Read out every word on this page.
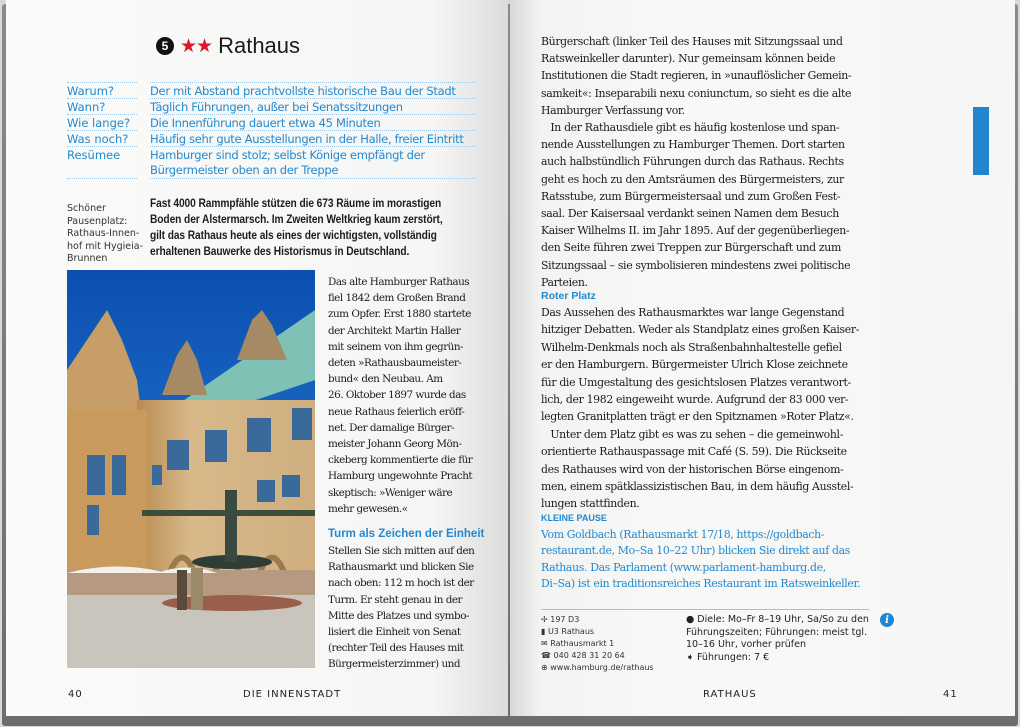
5 ★★ Rathaus
Warum?	Der mit Abstand prachtvollste historische Bau der Stadt
Wann?	Täglich Führungen, außer bei Senatssitzungen
Wie lange?	Die Innenführung dauert etwa 45 Minuten
Was noch?	Häufig sehr gute Ausstellungen in der Halle, freier Eintritt
Resümee	Hamburger sind stolz; selbst Könige empfängt der
Bürgermeister oben an der Treppe
Schöner
Pausenplatz:
Rathaus-Innen-
hof mit Hygieia-
Brunnen
Fast 4000 Rammpfähle stützen die 673 Räume im morastigen
Boden der Alstermarsch. Im Zweiten Weltkrieg kaum zerstört,
gilt das Rathaus heute als eines der wichtigsten, vollständig
erhaltenen Bauwerke des Historismus in Deutschland.
Das alte Hamburger Rathaus
fiel 1842 dem Großen Brand
zum Opfer. Erst 1880 startete
der Architekt Martin Haller
mit seinem von ihm gegrün-
deten »Rathausbaumeister-
bund« den Neubau. Am
26. Oktober 1897 wurde das
neue Rathaus feierlich eröff-
net. Der damalige Bürger-
meister Johann Georg Mön-
ckeberg kommentierte die für
Hamburg ungewohnte Pracht
skeptisch: »Weniger wäre
mehr gewesen.«
Turm als Zeichen der Einheit
Stellen Sie sich mitten auf den
Rathausmarkt und blicken Sie
nach oben: 112 m hoch ist der
Turm. Er steht genau in der
Mitte des Platzes und symbo-
lisiert die Einheit von Senat
(rechter Teil des Hauses mit
Bürgermeisterzimmer) und
40	DIE INNENSTADT
Bürgerschaft (linker Teil des Hauses mit Sitzungssaal und
Ratsweinkeller darunter). Nur gemeinsam können beide
Institutionen die Stadt regieren, in »unauflöslicher Gemein-
samkeit«: Inseparabili nexu coniunctum, so sieht es die alte
Hamburger Verfassung vor.
In der Rathausdiele gibt es häufig kostenlose und span-
nende Ausstellungen zu Hamburger Themen. Dort starten
auch halbstündlich Führungen durch das Rathaus. Rechts
geht es hoch zu den Amtsräumen des Bürgermeisters, zur
Ratsstube, zum Bürgermeistersaal und zum Großen Fest-
saal. Der Kaisersaal verdankt seinen Namen dem Besuch
Kaiser Wilhelms II. im Jahr 1895. Auf der gegenüberliegen-
den Seite führen zwei Treppen zur Bürgerschaft und zum
Sitzungssaal – sie symbolisieren mindestens zwei politische
Parteien.
Roter Platz
Das Aussehen des Rathausmarktes war lange Gegenstand
hitziger Debatten. Weder als Standplatz eines großen Kaiser-
Wilhelm-Denkmals noch als Straßenbahnhaltestelle gefiel
er den Hamburgern. Bürgermeister Ulrich Klose zeichnete
für die Umgestaltung des gesichtslosen Platzes verantwort-
lich, der 1982 eingeweiht wurde. Aufgrund der 83 000 ver-
legten Granitplatten trägt er den Spitznamen »Roter Platz«.
Unter dem Platz gibt es was zu sehen – die gemeinwohl-
orientierte Rathauspassage mit Café (S. 59). Die Rückseite
des Rathauses wird von der historischen Börse eingenom-
men, einem spätklassizistischen Bau, in dem häufig Ausstel-
lungen stattfinden.
KLEINE PAUSE
Vom Goldbach (Rathausmarkt 17/18, https://goldbach-
restaurant.de, Mo–Sa 10–22 Uhr) blicken Sie direkt auf das
Rathaus. Das Parlament (www.parlament-hamburg.de,
Di–Sa) ist ein traditionsreiches Restaurant im Ratsweinkeller.
✢ 197 D3
▮ U3 Rathaus
✉ Rathausmarkt 1
☎ 040 428 31 20 64
⊕ www.hamburg.de/rathaus
● Diele: Mo–Fr 8–19 Uhr, Sa/So zu den
Führungszeiten; Führungen: meist tgl.
10–16 Uhr, vorher prüfen
➧ Führungen: 7 €
i
RATHAUS	41
